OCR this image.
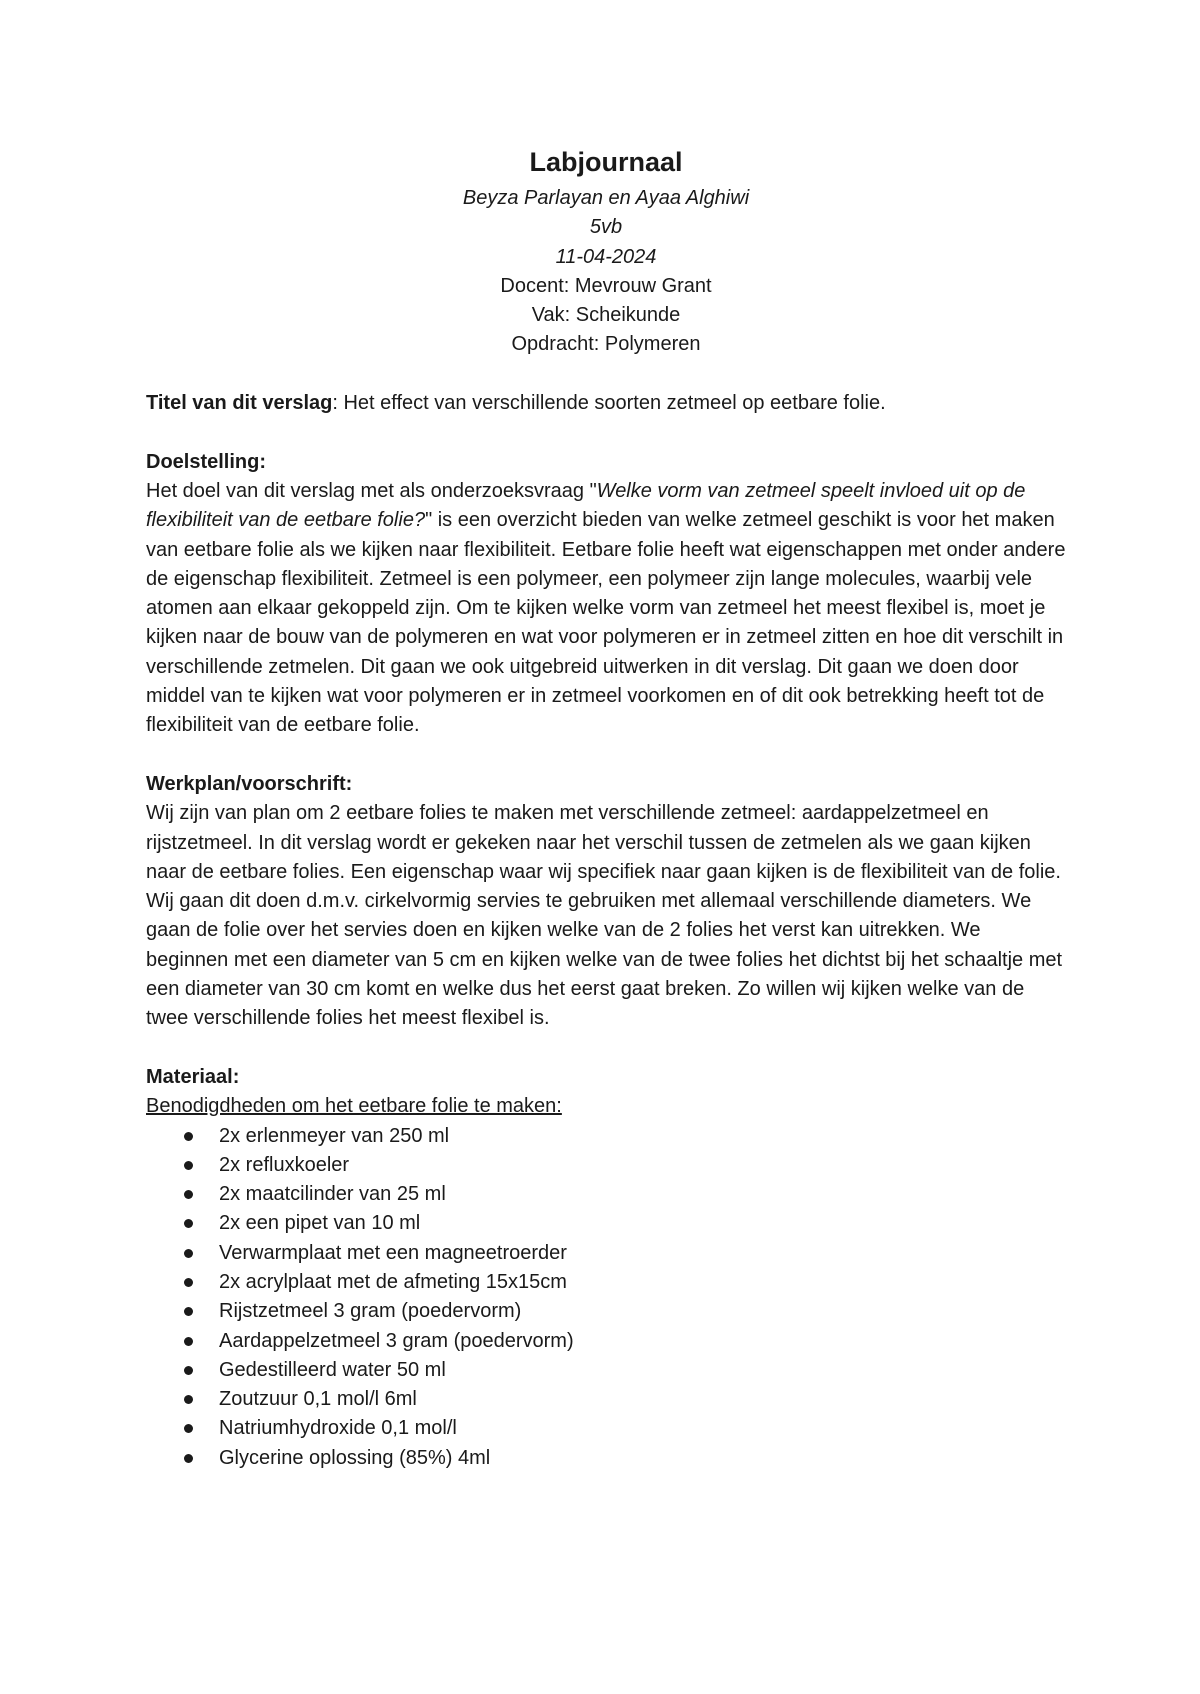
Labjournaal
Beyza Parlayan en Ayaa Alghiwi
5vb
11-04-2024
Docent: Mevrouw Grant
Vak: Scheikunde
Opdracht: Polymeren

Titel van dit verslag: Het effect van verschillende soorten zetmeel op eetbare folie.

Doelstelling:

Het doel van dit verslag met als onderzoeksvraag "Welke vorm van zetmeel speelt invloed uit op de flexibiliteit van de eetbare folie?" is een overzicht bieden van welke zetmeel geschikt is voor het maken van eetbare folie als we kijken naar flexibiliteit. Eetbare folie heeft wat eigenschappen met onder andere de eigenschap flexibiliteit. Zetmeel is een polymeer, een polymeer zijn lange molecules, waarbij vele atomen aan elkaar gekoppeld zijn. Om te kijken welke vorm van zetmeel het meest flexibel is, moet je kijken naar de bouw van de polymeren en wat voor polymeren er in zetmeel zitten en hoe dit verschilt in verschillende zetmelen. Dit gaan we ook uitgebreid uitwerken in dit verslag. Dit gaan we doen door middel van te kijken wat voor polymeren er in zetmeel voorkomen en of dit ook betrekking heeft tot de flexibiliteit van de eetbare folie.

Werkplan/voorschrift:

Wij zijn van plan om 2 eetbare folies te maken met verschillende zetmeel: aardappelzetmeel en rijstzetmeel. In dit verslag wordt er gekeken naar het verschil tussen de zetmelen als we gaan kijken naar de eetbare folies. Een eigenschap waar wij specifiek naar gaan kijken is de flexibiliteit van de folie. Wij gaan dit doen d.m.v. cirkelvormig servies te gebruiken met allemaal verschillende diameters. We gaan de folie over het servies doen en kijken welke van de 2 folies het verst kan uitrekken. We beginnen met een diameter van 5 cm en kijken welke van de twee folies het dichtst bij het schaaltje met een diameter van 30 cm komt en welke dus het eerst gaat breken. Zo willen wij kijken welke van de twee verschillende folies het meest flexibel is.

Materiaal:

Benodigdheden om het eetbare folie te maken:

2x erlenmeyer van 250 ml
2x refluxkoeler
2x maatcilinder van 25 ml
2x een pipet van 10 ml
Verwarmplaat met een magneetroerder
2x acrylplaat met de afmeting 15x15cm
Rijstzetmeel 3 gram (poedervorm)
Aardappelzetmeel 3 gram (poedervorm)
Gedestilleerd water 50 ml
Zoutzuur 0,1 mol/l 6ml
Natriumhydroxide 0,1 mol/l
Glycerine oplossing (85%) 4ml
